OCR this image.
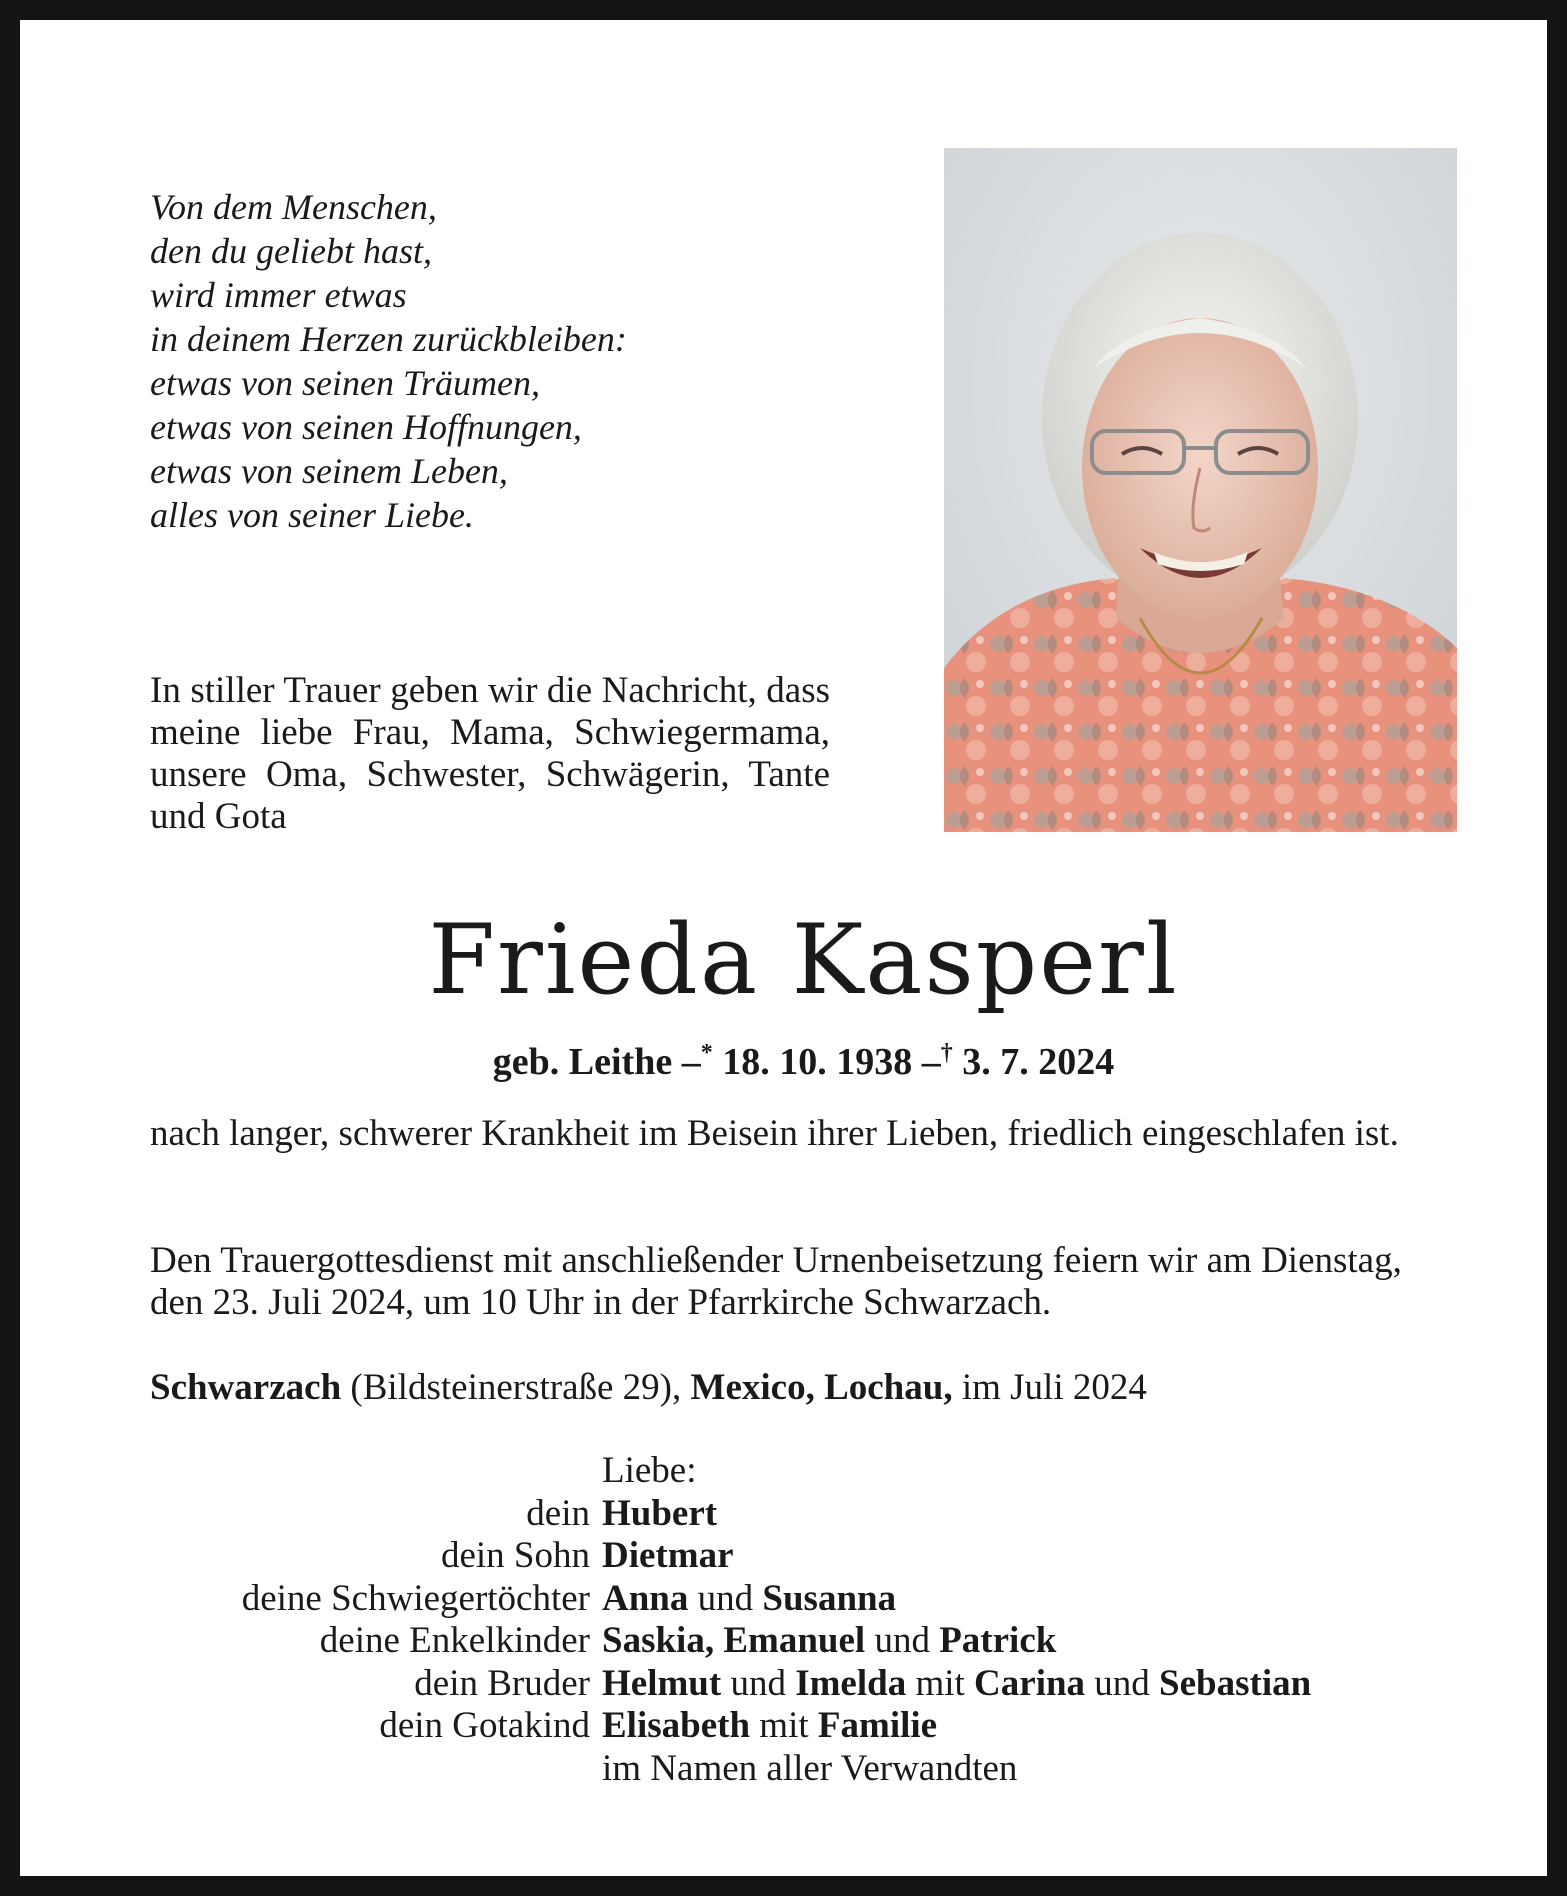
Von dem Menschen,
den du geliebt hast,
wird immer etwas
in deinem Herzen zurückbleiben:
etwas von seinen Träumen,
etwas von seinen Hoffnungen,
etwas von seinem Leben,
alles von seiner Liebe.
In stiller Trauer geben wir die Nachricht, dass meine liebe Frau, Mama, Schwiegermama, unsere Oma, Schwester, Schwägerin, Tante und Gota
Frieda Kasperl
geb. Leithe –* 18. 10. 1938 –† 3. 7. 2024
nach langer, schwerer Krankheit im Beisein ihrer Lieben, friedlich eingeschlafen ist.
Den Trauergottesdienst mit anschließender Urnenbeisetzung feiern wir am Dienstag, den 23. Juli 2024, um 10 Uhr in der Pfarrkirche Schwarzach.
Schwarzach (Bildsteinerstraße 29), Mexico, Lochau, im Juli 2024
Liebe:
dein Hubert
dein Sohn Dietmar
deine Schwiegertöchter Anna und Susanna
deine Enkelkinder Saskia, Emanuel und Patrick
dein Bruder Helmut und Imelda mit Carina und Sebastian
dein Gotakind Elisabeth mit Familie
im Namen aller Verwandten
